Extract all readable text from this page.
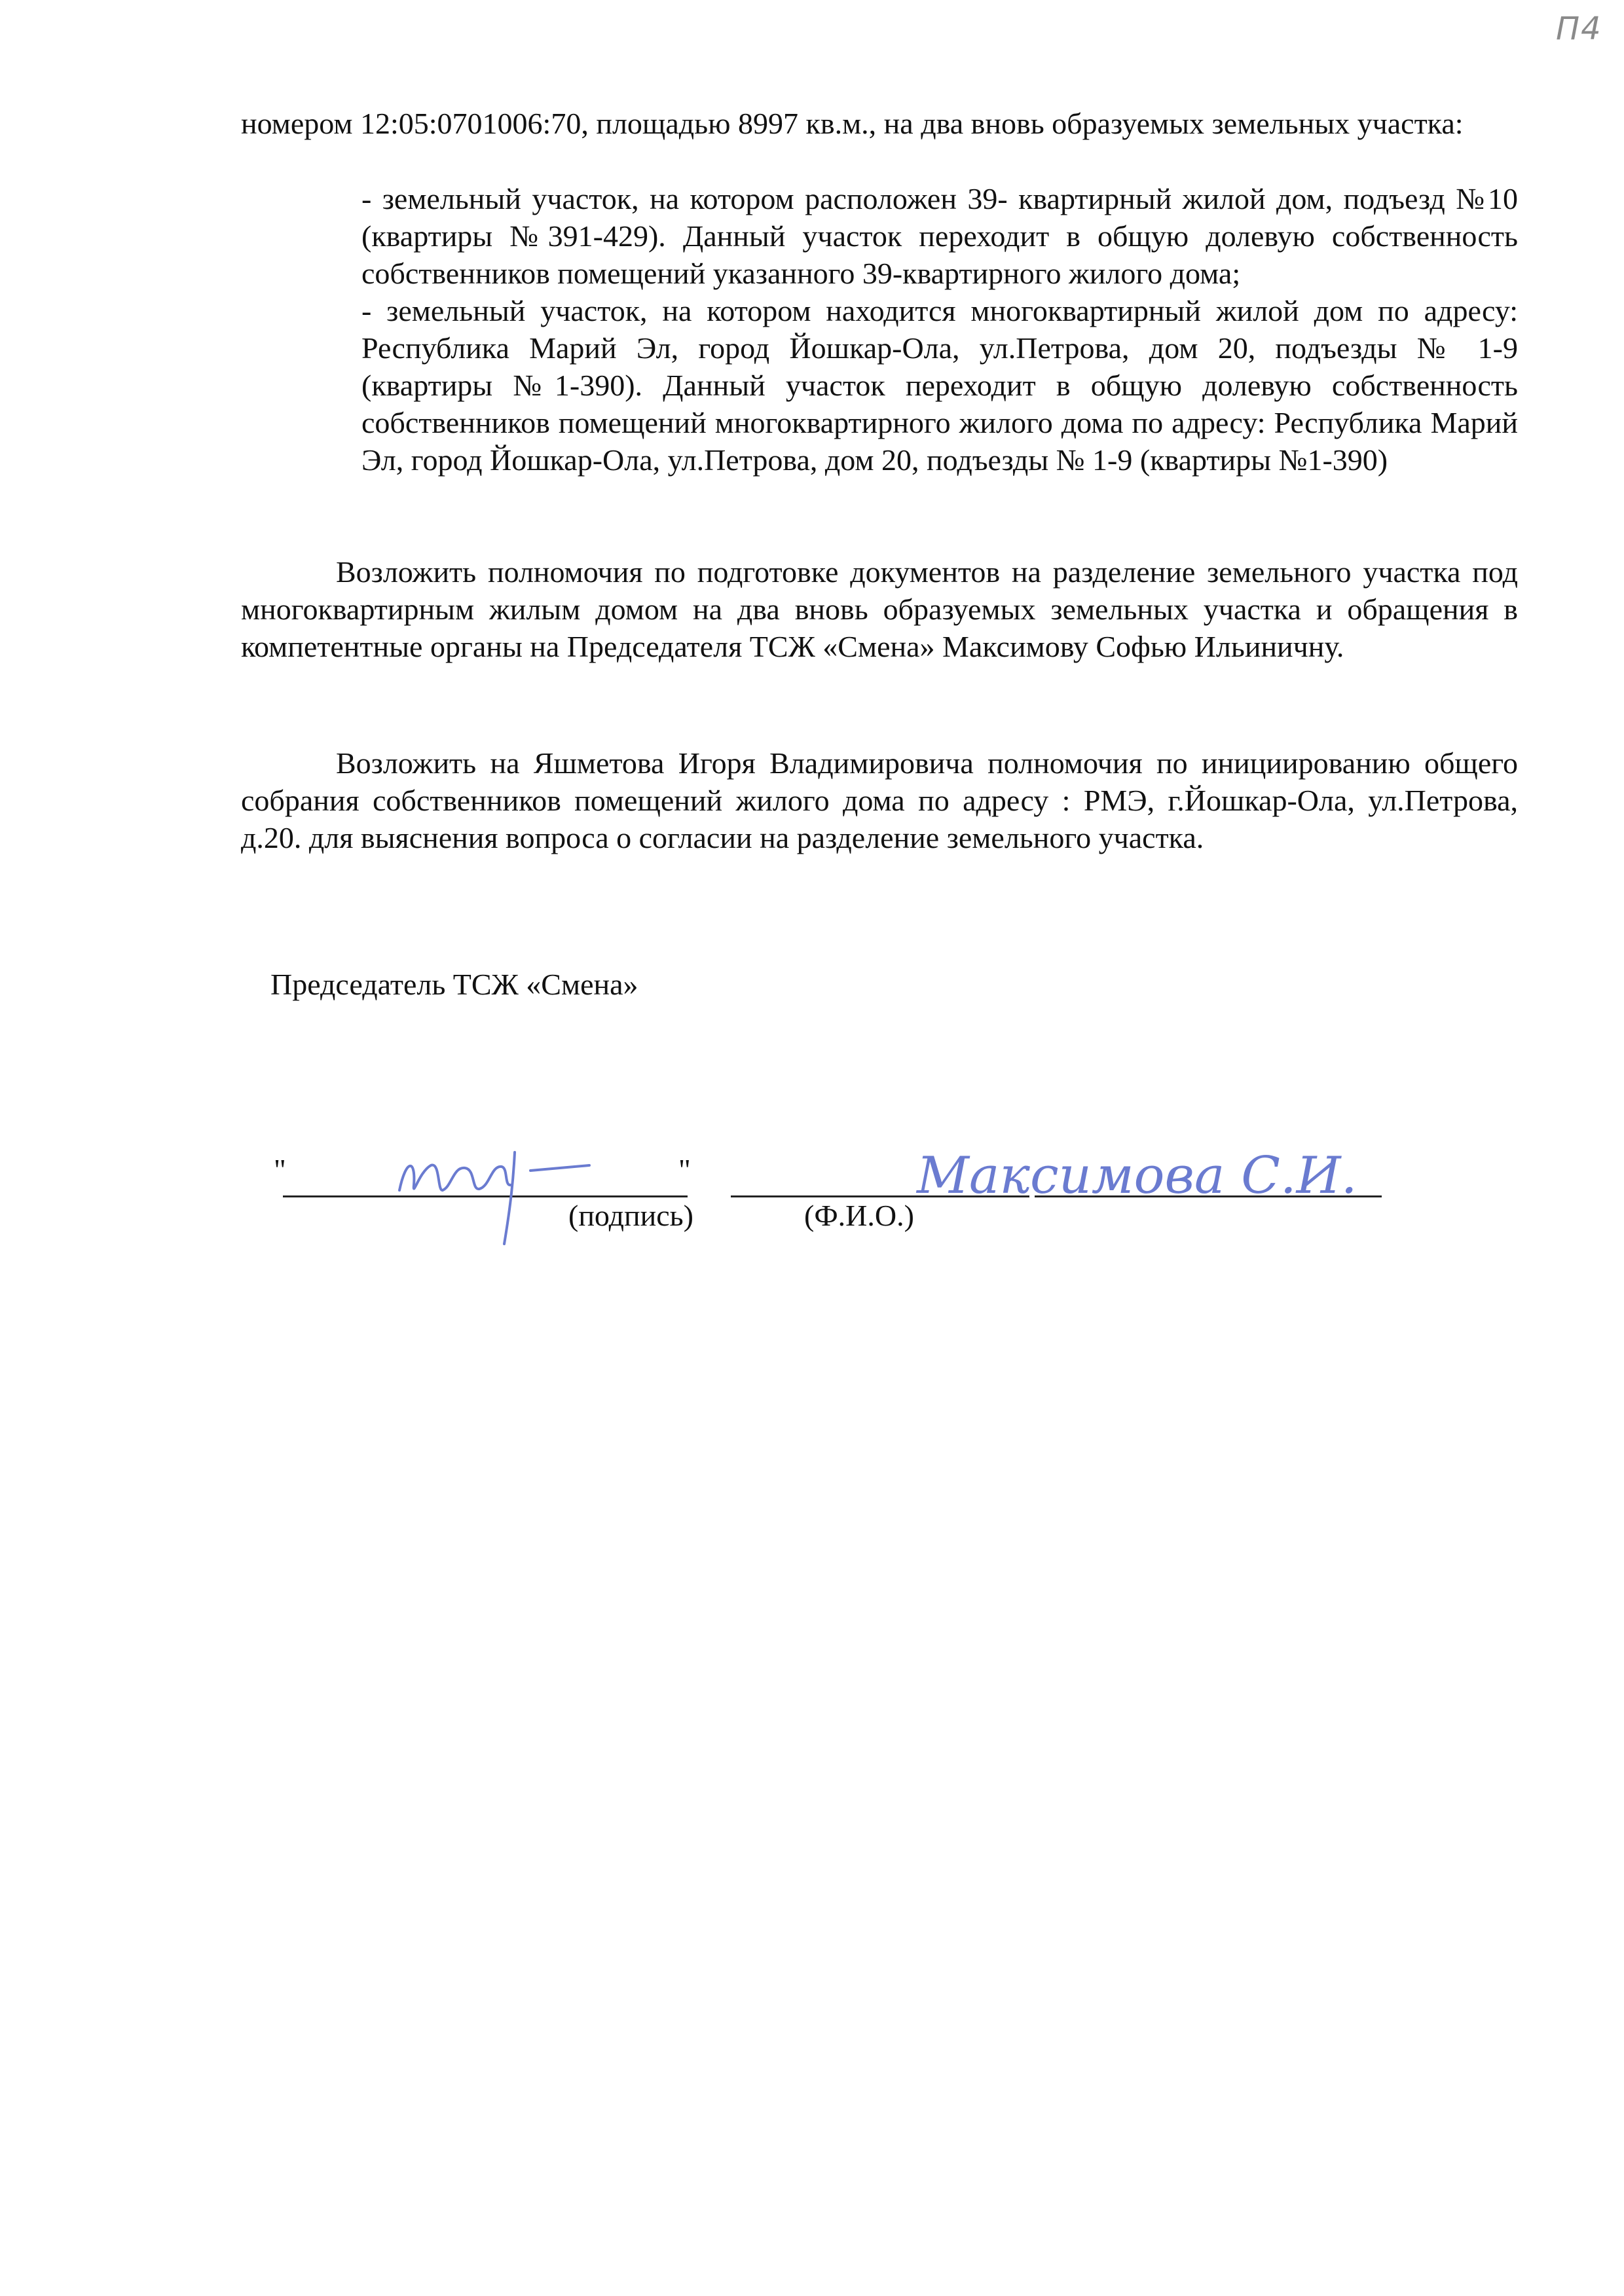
П4

номером 12:05:0701006:70, площадью 8997 кв.м., на два вновь образуемых земельных участка:

- земельный участок, на котором расположен 39- квартирный жилой дом, подъезд №10 (квартиры №391-429). Данный участок переходит в общую долевую собственность собственников помещений указанного 39-квартирного жилого дома;

- земельный участок, на котором находится многоквартирный жилой дом по адресу: Республика Марий Эл, город Йошкар-Ола, ул.Петрова, дом 20, подъезды № 1-9 (квартиры №1-390). Данный участок переходит в общую долевую собственность собственников помещений многоквартирного жилого дома по адресу: Республика Марий Эл, город Йошкар-Ола, ул.Петрова, дом 20, подъезды № 1-9 (квартиры №1-390)

Возложить полномочия по подготовке документов на разделение земельного участка под многоквартирным жилым домом на два вновь образуемых земельных участка и обращения в компетентные органы на Председателя ТСЖ «Смена» Максимову Софью Ильиничну.

Возложить на Яшметова Игоря Владимировича полномочия по инициированию общего собрания собственников помещений жилого дома по адресу : РМЭ, г.Йошкар-Ола, ул.Петрова, д.20. для выяснения вопроса о согласии на разделение земельного участка.

Председатель ТСЖ «Смена»
"	"	Максимова С.И.
(подпись)	(Ф.И.О.)
